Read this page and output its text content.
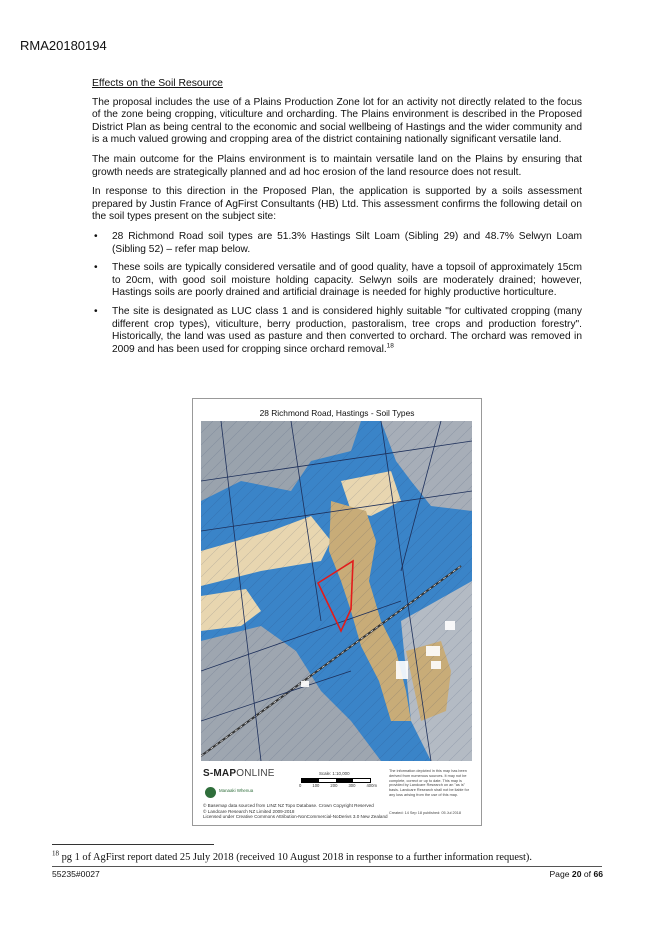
RMA20180194
Effects on the Soil Resource

The proposal includes the use of a Plains Production Zone lot for an activity not directly related to the focus of the zone being cropping, viticulture and orcharding. The Plains environment is described in the Proposed District Plan as being central to the economic and social wellbeing of Hastings and the wider community and is a much valued growing and cropping area of the district containing nationally significant versatile land.

The main outcome for the Plains environment is to maintain versatile land on the Plains by ensuring that growth needs are strategically planned and ad hoc erosion of the land resource does not result.

In response to this direction in the Proposed Plan, the application is supported by a soils assessment prepared by Justin France of AgFirst Consultants (HB) Ltd. This assessment confirms the following detail on the soil types present on the subject site:

• 28 Richmond Road soil types are 51.3% Hastings Silt Loam (Sibling 29) and 48.7% Selwyn Loam (Sibling 52) – refer map below.
• These soils are typically considered versatile and of good quality, have a topsoil of approximately 15cm to 20cm, with good soil moisture holding capacity. Selwyn soils are moderately drained; however, Hastings soils are poorly drained and artificial drainage is needed for highly productive horticulture.
• The site is designated as LUC class 1 and is considered highly suitable "for cultivated cropping (many different crop types), viticulture, berry production, pastoralism, tree crops and production forestry". Historically, the land was used as pasture and then converted to orchard. The orchard was removed in 2009 and has been used for cropping since orchard removal.$^{18}$
28 Richmond Road, Hastings - Soil Types
S-MAPONLINE
Manaaki Whenua
© Basemap data sourced from LINZ NZ Topo Database. Crown Copyright Reserved
© Landcare Research NZ Limited 2009-2018
Licensed under Creative Commons Attribution-NonCommercial-NoDerivs 3.0 New Zealand
Scale: 1:10,000
0	100	200	300	400m
The information depicted in this map has been derived from numerous sources. It may not be complete, correct or up to date. This map is provided by Landcare Research on an "as is" basis. Landcare Research shall not be liable for any loss arising from the use of this map.
Created: 14 Sep 18 published: 05 Jul 2018
$^{18}$ pg 1 of AgFirst report dated 25 July 2018 (received 10 August 2018 in response to a further information request).
55235#0027	Page 20 of 66
